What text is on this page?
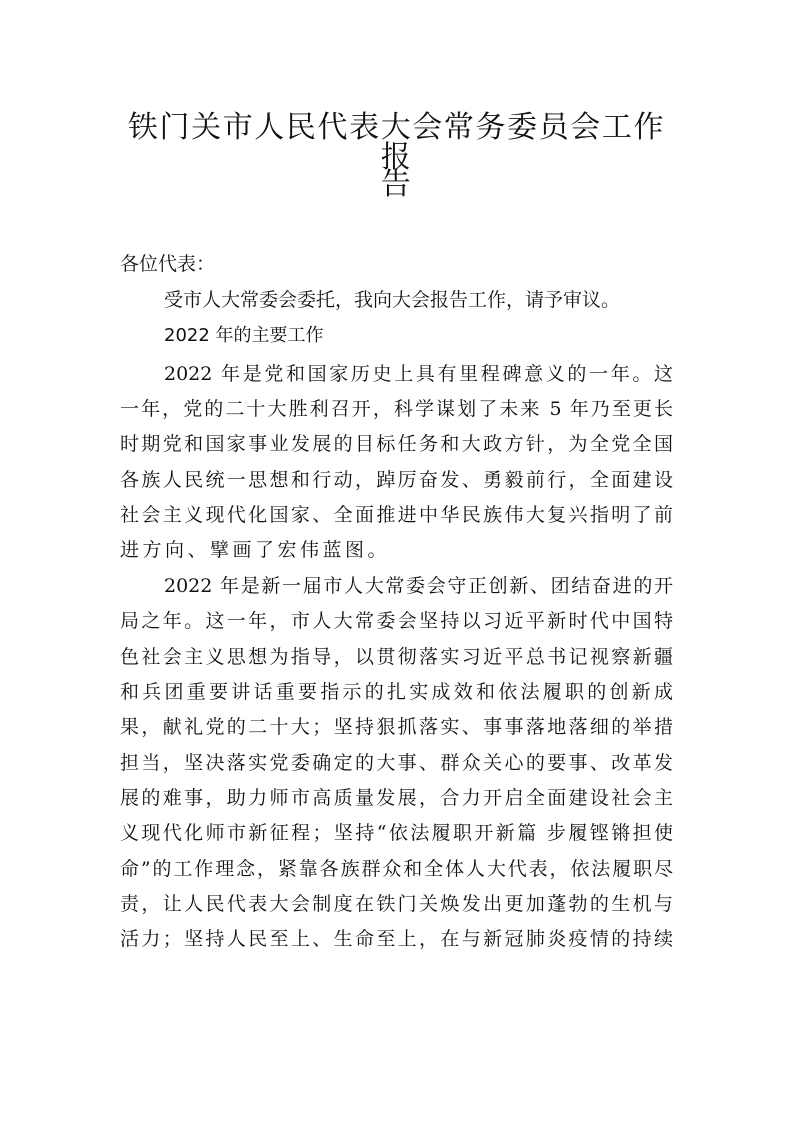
铁门关市人民代表大会常务委员会工作报
告
各位代表：
受市人大常委会委托，我向大会报告工作，请予审议。
2022 年的主要工作
2022 年是党和国家历史上具有里程碑意义的一年。这
一年，党的二十大胜利召开，科学谋划了未来 5 年乃至更长
时期党和国家事业发展的目标任务和大政方针，为全党全国
各族人民统一思想和行动，踔厉奋发、勇毅前行，全面建设
社会主义现代化国家、全面推进中华民族伟大复兴指明了前
进方向、擘画了宏伟蓝图。
2022 年是新一届市人大常委会守正创新、团结奋进的开
局之年。这一年，市人大常委会坚持以习近平新时代中国特
色社会主义思想为指导，以贯彻落实习近平总书记视察新疆
和兵团重要讲话重要指示的扎实成效和依法履职的创新成
果，献礼党的二十大；坚持狠抓落实、事事落地落细的举措
担当，坚决落实党委确定的大事、群众关心的要事、改革发
展的难事，助力师市高质量发展，合力开启全面建设社会主
义现代化师市新征程；坚持“依法履职开新篇 步履铿锵担使
命”的工作理念，紧靠各族群众和全体人大代表，依法履职尽
责，让人民代表大会制度在铁门关焕发出更加蓬勃的生机与
活力；坚持人民至上、生命至上，在与新冠肺炎疫情的持续
